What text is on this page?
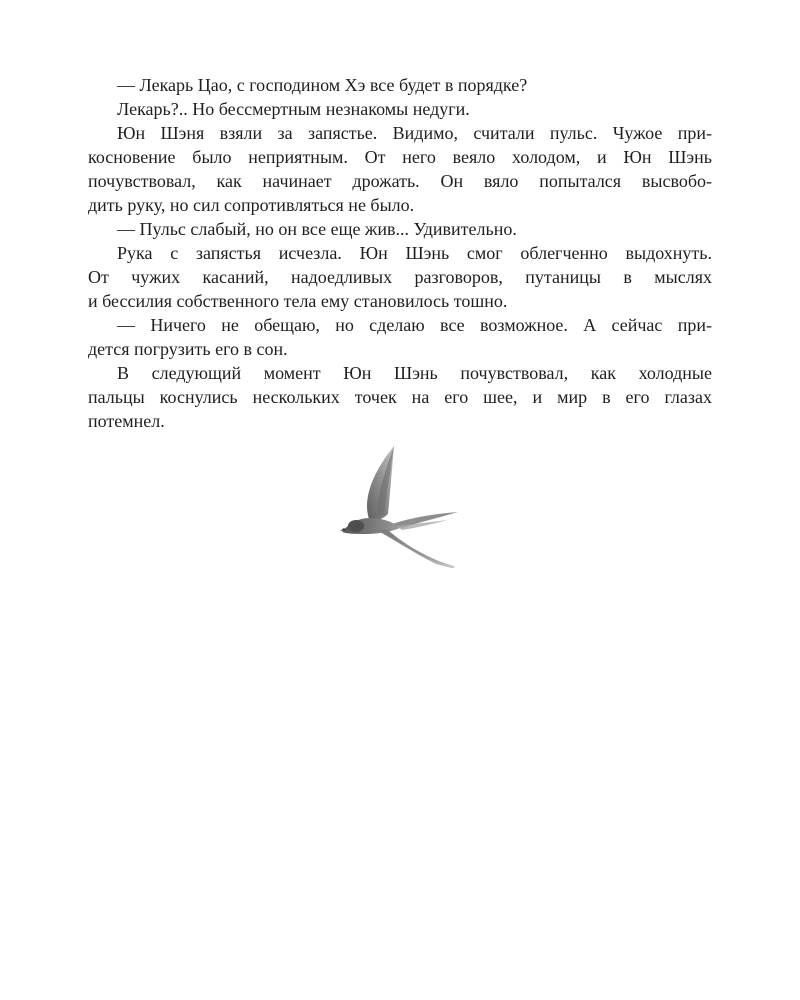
— Лекарь Цао, с господином Хэ все будет в порядке?
Лекарь?.. Но бессмертным незнакомы недуги.
Юн Шэня взяли за запястье. Видимо, считали пульс. Чужое при-
косновение было неприятным. От него веяло холодом, и Юн Шэнь
почувствовал, как начинает дрожать. Он вяло попытался высвобо-
дить руку, но сил сопротивляться не было.
— Пульс слабый, но он все еще жив... Удивительно.
Рука с запястья исчезла. Юн Шэнь смог облегченно выдохнуть.
От чужих касаний, надоедливых разговоров, путаницы в мыслях
и бессилия собственного тела ему становилось тошно.
— Ничего не обещаю, но сделаю все возможное. А сейчас при-
дется погрузить его в сон.
В следующий момент Юн Шэнь почувствовал, как холодные
пальцы коснулись нескольких точек на его шее, и мир в его глазах
потемнел.
